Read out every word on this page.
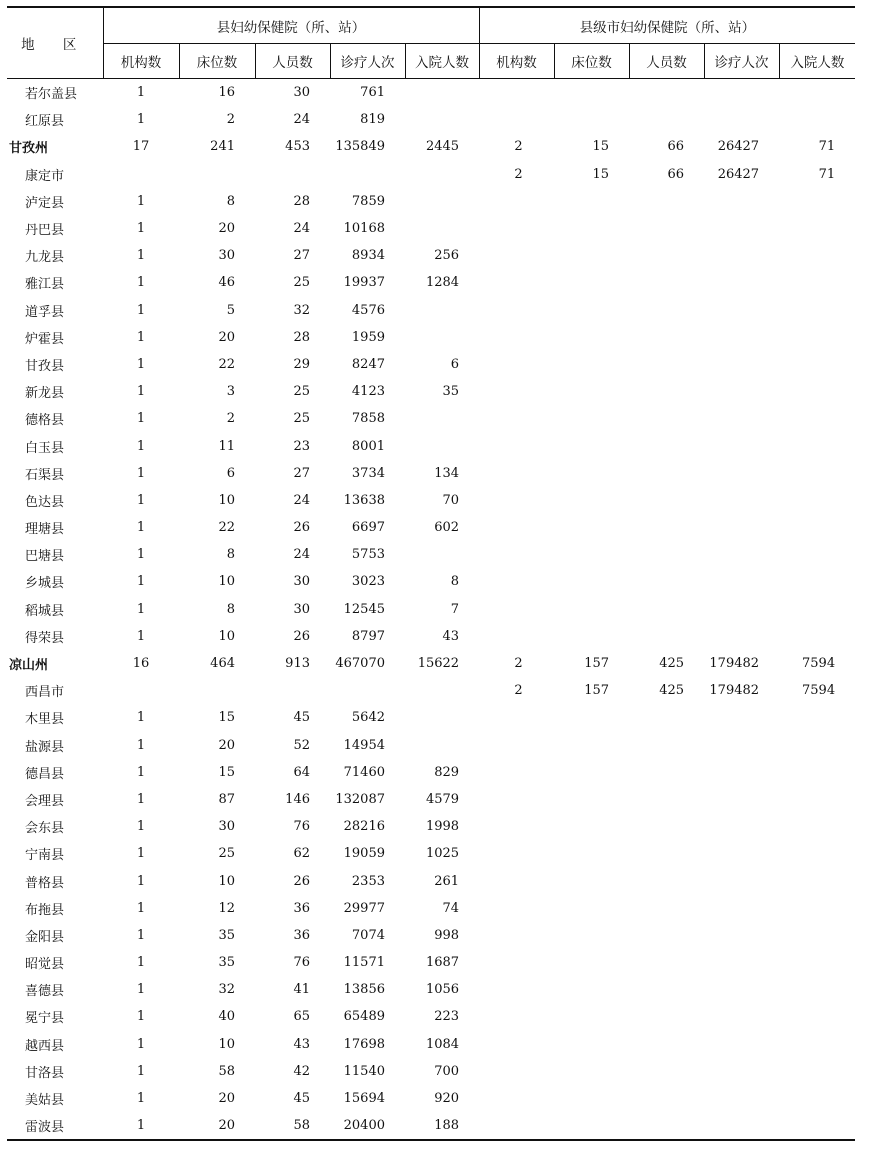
地 区	县妇幼保健院（所、站）					县级市妇幼保健院（所、站）				
	机构数	床位数	人员数	诊疗人次	入院人数	机构数	床位数	人员数	诊疗人次	入院人数
若尔盖县	1	16	30	761						
红原县	1	2	24	819						
甘孜州	17	241	453	135849	2445	2	15	66	26427	71
康定市						2	15	66	26427	71
泸定县	1	8	28	7859						
丹巴县	1	20	24	10168						
九龙县	1	30	27	8934	256					
雅江县	1	46	25	19937	1284					
道孚县	1	5	32	4576						
炉霍县	1	20	28	1959						
甘孜县	1	22	29	8247	6					
新龙县	1	3	25	4123	35					
德格县	1	2	25	7858						
白玉县	1	11	23	8001						
石渠县	1	6	27	3734	134					
色达县	1	10	24	13638	70					
理塘县	1	22	26	6697	602					
巴塘县	1	8	24	5753						
乡城县	1	10	30	3023	8					
稻城县	1	8	30	12545	7					
得荣县	1	10	26	8797	43					
凉山州	16	464	913	467070	15622	2	157	425	179482	7594
西昌市						2	157	425	179482	7594
木里县	1	15	45	5642						
盐源县	1	20	52	14954						
德昌县	1	15	64	71460	829					
会理县	1	87	146	132087	4579					
会东县	1	30	76	28216	1998					
宁南县	1	25	62	19059	1025					
普格县	1	10	26	2353	261					
布拖县	1	12	36	29977	74					
金阳县	1	35	36	7074	998					
昭觉县	1	35	76	11571	1687					
喜德县	1	32	41	13856	1056					
冕宁县	1	40	65	65489	223					
越西县	1	10	43	17698	1084					
甘洛县	1	58	42	11540	700					
美姑县	1	20	45	15694	920					
雷波县	1	20	58	20400	188					
